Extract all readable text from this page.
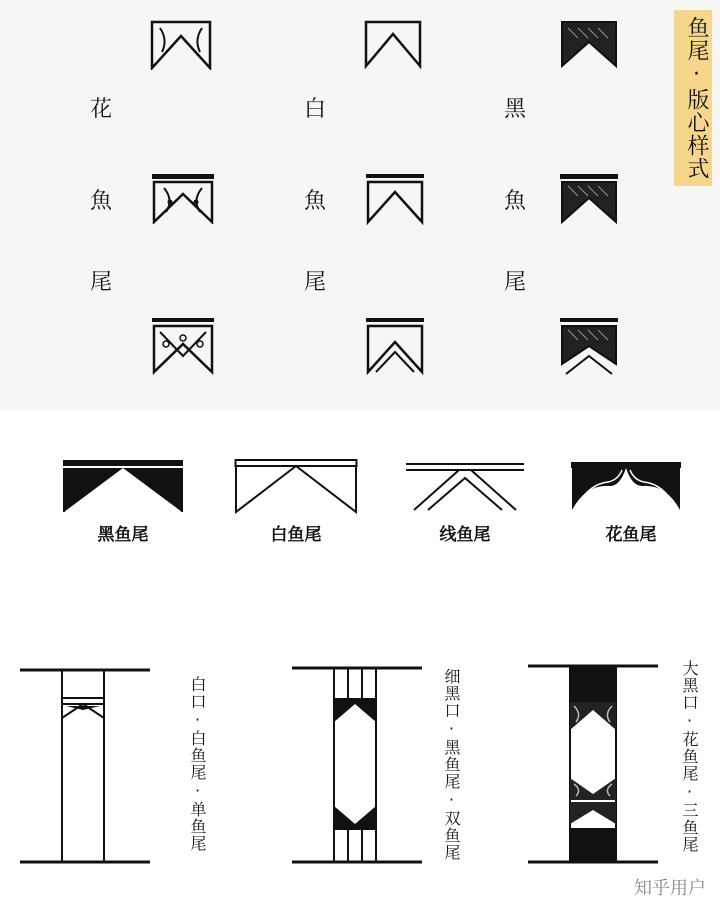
鱼尾·版心样式
花
魚
尾
白
魚
尾
黑
魚
尾
黑鱼尾	白鱼尾	线鱼尾	花鱼尾
白口·白鱼尾·单鱼尾	细黑口·黑鱼尾·双鱼尾	大黑口·花鱼尾·三鱼尾
知乎用户
